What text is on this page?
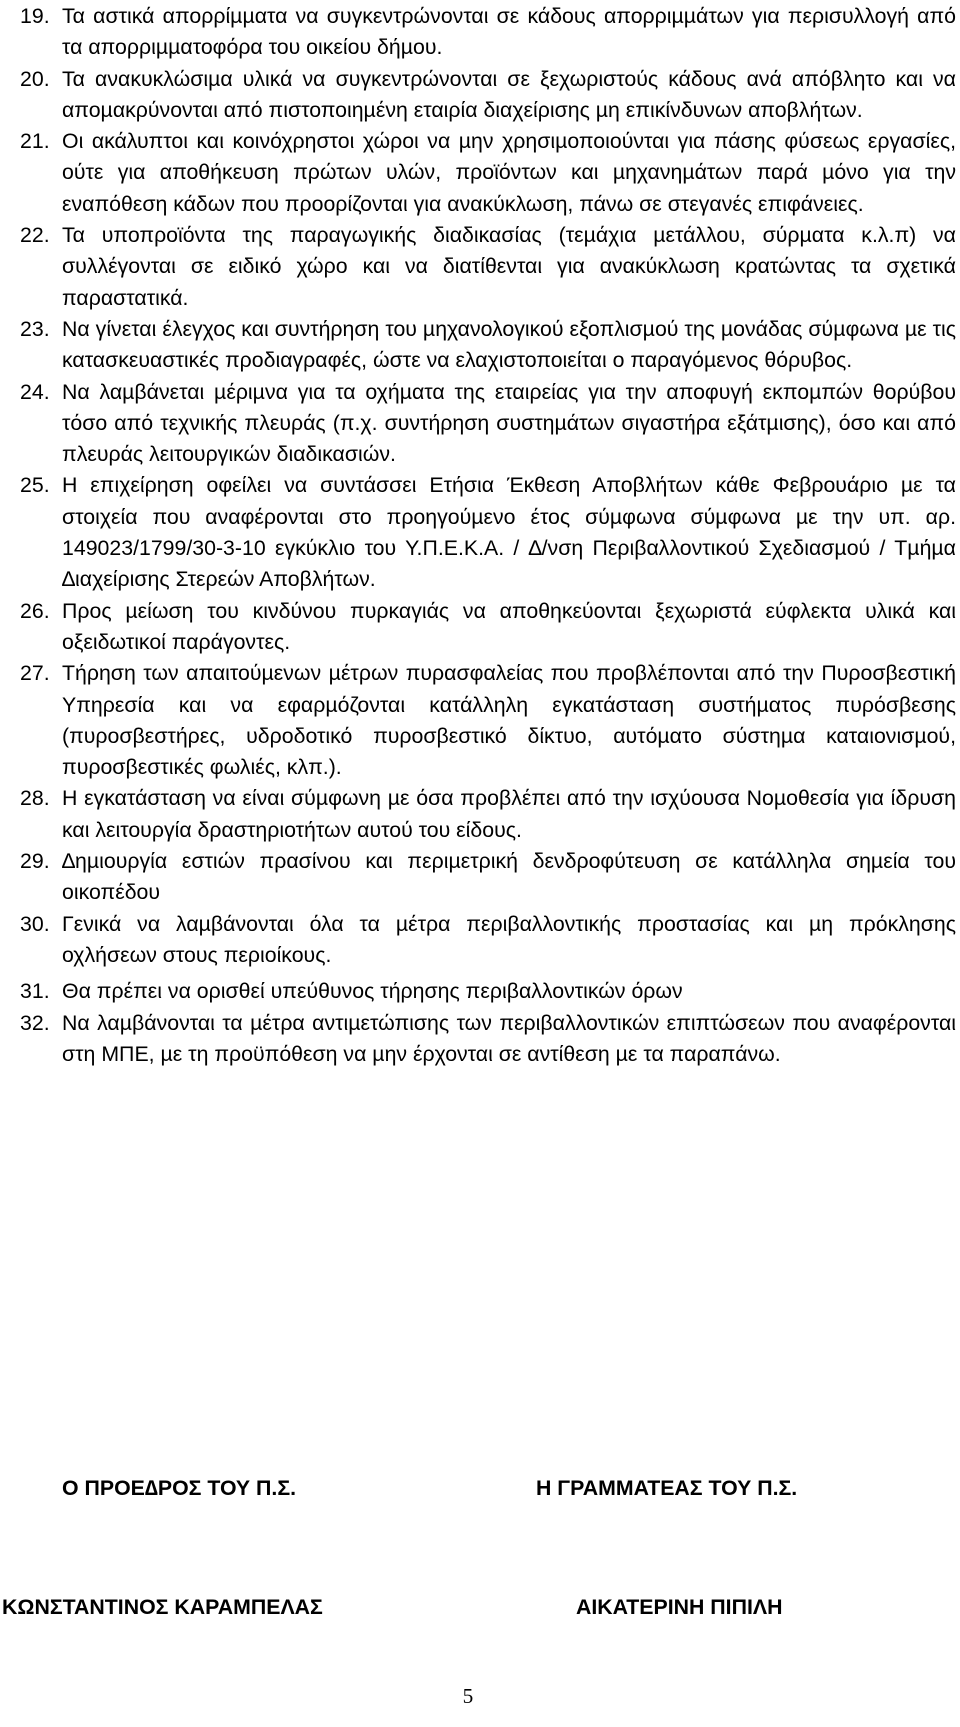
19. Τα αστικά απορρίµµατα να συγκεντρώνονται σε κάδους απορριµµάτων για περισυλλογή από τα απορριµµατοφόρα του οικείου δήµου.
20. Τα ανακυκλώσιµα υλικά να συγκεντρώνονται σε ξεχωριστούς κάδους ανά απόβλητο και να αποµακρύνονται από πιστοποιηµένη εταιρία διαχείρισης µη επικίνδυνων αποβλήτων.
21. Οι ακάλυπτοι και κοινόχρηστοι χώροι να µην χρησιµοποιούνται για πάσης φύσεως εργασίες, ούτε για αποθήκευση πρώτων υλών, προϊόντων και µηχανηµάτων παρά µόνο για την εναπόθεση κάδων που προορίζονται για ανακύκλωση, πάνω σε στεγανές επιφάνειες.
22. Τα υποπροϊόντα της παραγωγικής διαδικασίας (τεµάχια µετάλλου, σύρµατα κ.λ.π) να συλλέγονται σε ειδικό χώρο και να διατίθενται για ανακύκλωση κρατώντας τα σχετικά παραστατικά.
23. Να γίνεται έλεγχος και συντήρηση του µηχανολογικού εξοπλισµού της µονάδας σύµφωνα µε τις κατασκευαστικές προδιαγραφές, ώστε να ελαχιστοποιείται ο παραγόµενος θόρυβος.
24. Να λαµβάνεται µέριµνα για τα οχήµατα της εταιρείας για την αποφυγή εκποµπών θορύβου τόσο από τεχνικής πλευράς (π.χ. συντήρηση συστηµάτων σιγαστήρα εξάτµισης), όσο και από πλευράς λειτουργικών διαδικασιών.
25. Η επιχείρηση οφείλει να συντάσσει Ετήσια Έκθεση Αποβλήτων κάθε Φεβρουάριο µε τα στοιχεία που αναφέρονται στο προηγούµενο έτος σύµφωνα σύµφωνα µε την υπ. αρ. 149023/1799/30-3-10 εγκύκλιο του Υ.Π.Ε.Κ.Α. / ∆/νση Περιβαλλοντικού Σχεδιασµού / Τµήµα ∆ιαχείρισης Στερεών Αποβλήτων.
26. Προς µείωση του κινδύνου πυρκαγιάς να αποθηκεύονται ξεχωριστά εύφλεκτα υλικά και οξειδωτικοί παράγοντες.
27. Τήρηση των απαιτούµενων µέτρων πυρασφαλείας που προβλέπονται από την Πυροσβεστική Υπηρεσία και να εφαρµόζονται κατάλληλη εγκατάσταση συστήµατος πυρόσβεσης (πυροσβεστήρες, υδροδοτικό πυροσβεστικό δίκτυο, αυτόµατο σύστηµα καταιονισµού, πυροσβεστικές φωλιές, κλπ.).
28. Η εγκατάσταση να είναι σύµφωνη µε όσα προβλέπει από την ισχύουσα Νοµοθεσία για ίδρυση και λειτουργία δραστηριοτήτων αυτού του είδους.
29. ∆ηµιουργία εστιών πρασίνου και περιµετρική δενδροφύτευση σε κατάλληλα σηµεία του οικοπέδου
30. Γενικά να λαµβάνονται όλα τα µέτρα περιβαλλοντικής προστασίας και µη πρόκλησης οχλήσεων στους περιοίκους.
31. Θα πρέπει να ορισθεί υπεύθυνος τήρησης περιβαλλοντικών όρων
32. Να λαµβάνονται τα µέτρα αντιµετώπισης των περιβαλλοντικών επιπτώσεων που αναφέρονται στη ΜΠΕ, µε τη προϋπόθεση να µην έρχονται σε αντίθεση µε τα παραπάνω.
Ο ΠΡΟΕ∆ΡΟΣ ΤΟΥ Π.Σ.	Η ΓΡΑΜΜΑΤΕΑΣ ΤΟΥ Π.Σ.
ΚΩΝΣΤΑΝΤΙΝΟΣ ΚΑΡΑΜΠΕΛΑΣ	ΑΙΚΑΤΕΡΙΝΗ ΠΙΠΙΛΗ
5
